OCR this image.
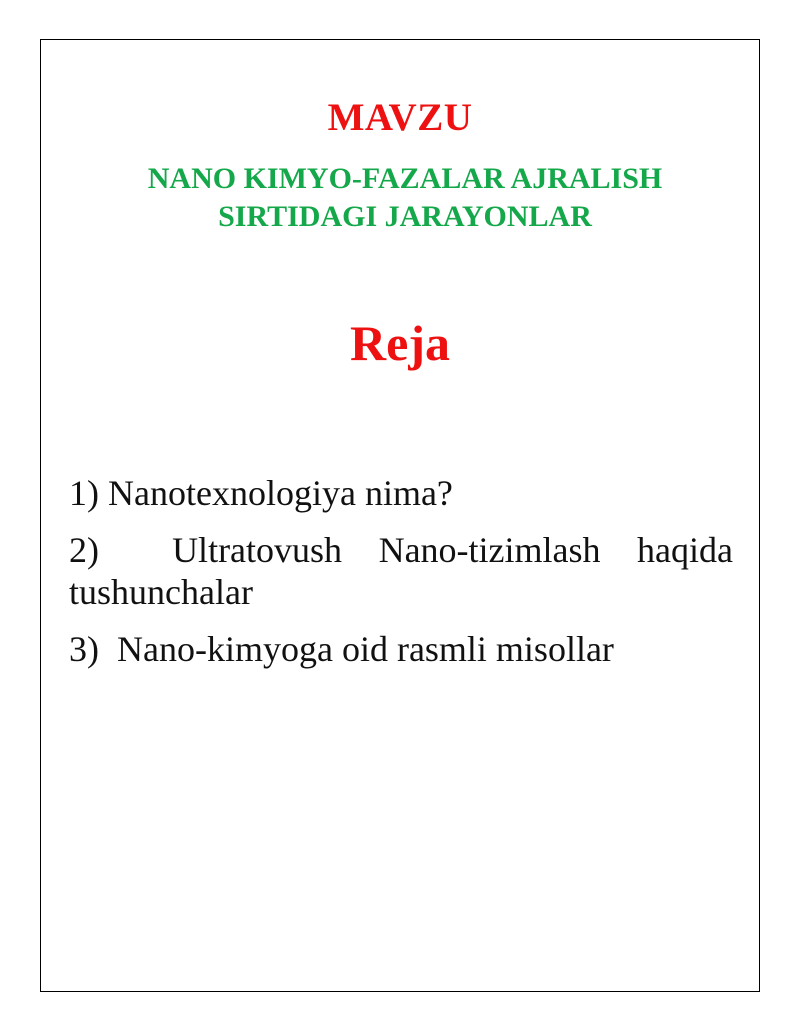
MAVZU
NANO KIMYO-FAZALAR AJRALISH
SIRTIDAGI JARAYONLAR
Reja
1) Nanotexnologiya nima?
2) Ultratovush Nano-tizimlash haqida
tushunchalar
3)  Nano-kimyoga oid rasmli misollar
